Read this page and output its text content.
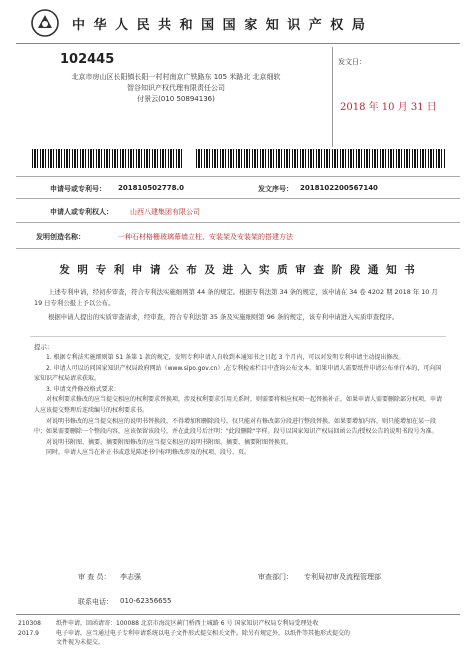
中 华 人 民 共 和 国 国 家 知 识 产 权 局
102445
北京市房山区长阳镇长阳一村村南京广铁路东 105 米路北 北京细软
智谷知识产权代理有限责任公司
付景云(010 50894136)
发文日：
2018 年 10 月 31 日
申请号或专利号： 201810502778.0	发文序号： 2018102200567140
申请人或专利权人： 山西八建集团有限公司
发明创造名称：	一种石材格栅玻璃幕墙立柱、安装架及安装架的搭建方法
发 明 专 利 申 请 公 布 及 进 入 实 质 审 查 阶 段 通 知 书
上述专利申请，经初步审查，符合专利法实施细则第 44 条的规定。根据专利法第 34 条的规定，该申请在 34 卷 4202 期 2018 年 10 月 19 日专利公报上予以公布。
根据申请人提出的实质审查请求，经审查，符合专利法第 35 条及实施细则第 96 条的规定，该专利申请进入实质审查程序。
提示：

1. 根据专利法实施细则第 51 条第 1 款的规定，发明专利申请人自收到本通知书之日起 3 个月内，可以对发明专利申请主动提出修改。

2. 申请人可以访问国家知识产权局政府网站（www.sipo.gov.cn）,在专利检索栏目中查询公布文本。如果申请人需要纸件申请公布单行本的，可向国家知识产权局请求获取。

3. 申请文件修改格式要求：

对权利要求修改的应当提交相应的权利要求替换项，涉及权利要求引用关系时，则需要将相应权项一起替换补正。如果申请人需要删除部分权项，申请人应该提交整理后连续编号的权利要求书。

对说明书修改的应当提交相应的说明书替换段，不得增加和删除段号，仅只能对有修改部分段进行整段替换。如果要增加内容，则只能增加在某一段中；如果需要删除一个整段内容，应该保留该段号，并在此段号后注明："此段删除"字样。段号以国家知识产权局回函公告/授权公告的说明书段号为准。

对说明书附图、摘要、摘要附图修改的应当提交相应的说明书附图、摘要、摘要附图替换页。

同时，申请人应当在补正书或意见陈述书中标明修改涉及的权项、段号、页。

审 查 员： 李志强	审查部门： 专利局初审及流程管理部
联系电话： 010-62356655
210308
2017.9
纸件申请，回函请寄：100088 北京市海淀区蓟门桥西土城路 6 号 国家知识产权局专利局受理处收
电子申请，应当通过电子专利申请系统以电子文件形式提交相关文件。除另有规定外，以纸件等其他形式提交的
文件视为未提交。
